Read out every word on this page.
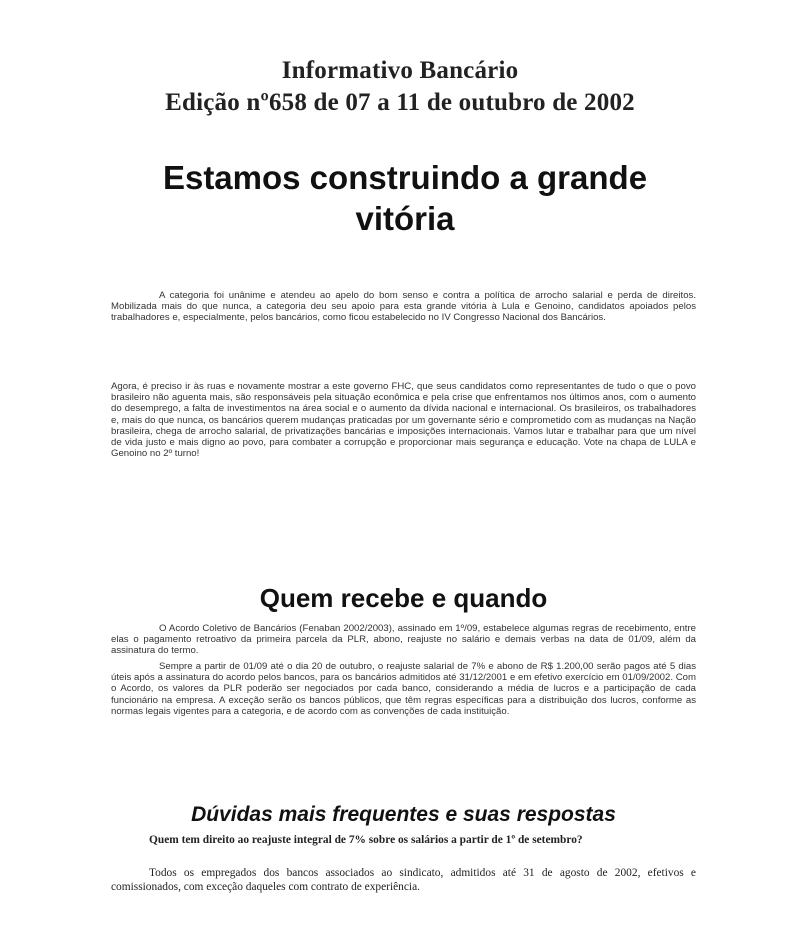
Informativo Bancário
Edição nº658 de 07 a 11 de outubro de 2002
Estamos construindo a grande vitória

A categoria foi unânime e atendeu ao apelo do bom senso e contra a política de arrocho salarial e perda de direitos. Mobilizada mais do que nunca, a categoria deu seu apoio para esta grande vitória à Lula e Genoino, candidatos apoiados pelos trabalhadores e, especialmente, pelos bancários, como ficou estabelecido no IV Congresso Nacional dos Bancários.

Agora, é preciso ir às ruas e novamente mostrar a este governo FHC, que seus candidatos como representantes de tudo o que o povo brasileiro não aguenta mais, são responsáveis pela situação econômica e pela crise que enfrentamos nos últimos anos, com o aumento do desemprego, a falta de investimentos na área social e o aumento da dívida nacional e internacional. Os brasileiros, os trabalhadores e, mais do que nunca, os bancários querem mudanças praticadas por um governante sério e comprometido com as mudanças na Nação brasileira, chega de arrocho salarial, de privatizações bancárias e imposições internacionais. Vamos lutar e trabalhar para que um nível de vida justo e mais digno ao povo, para combater a corrupção e proporcionar mais segurança e educação. Vote na chapa de LULA e Genoino no 2º turno!

Quem recebe e quando

O Acordo Coletivo de Bancários (Fenaban 2002/2003), assinado em 1º/09, estabelece algumas regras de recebimento, entre elas o pagamento retroativo da primeira parcela da PLR, abono, reajuste no salário e demais verbas na data de 01/09, além da assinatura do termo.

Sempre a partir de 01/09 até o dia 20 de outubro, o reajuste salarial de 7% e abono de R$ 1.200,00 serão pagos até 5 dias úteis após a assinatura do acordo pelos bancos, para os bancários admitidos até 31/12/2001 e em efetivo exercício em 01/09/2002. Com o Acordo, os valores da PLR poderão ser negociados por cada banco, considerando a média de lucros e a participação de cada funcionário na empresa. A exceção serão os bancos públicos, que têm regras específicas para a distribuição dos lucros, conforme as normas legais vigentes para a categoria, e de acordo com as convenções de cada instituição.

Dúvidas mais frequentes e suas respostas

Quem tem direito ao reajuste integral de 7% sobre os salários a partir de 1º de setembro?

Todos os empregados dos bancos associados ao sindicato, admitidos até 31 de agosto de 2002, efetivos e comissionados, com exceção daqueles com contrato de experiência.
